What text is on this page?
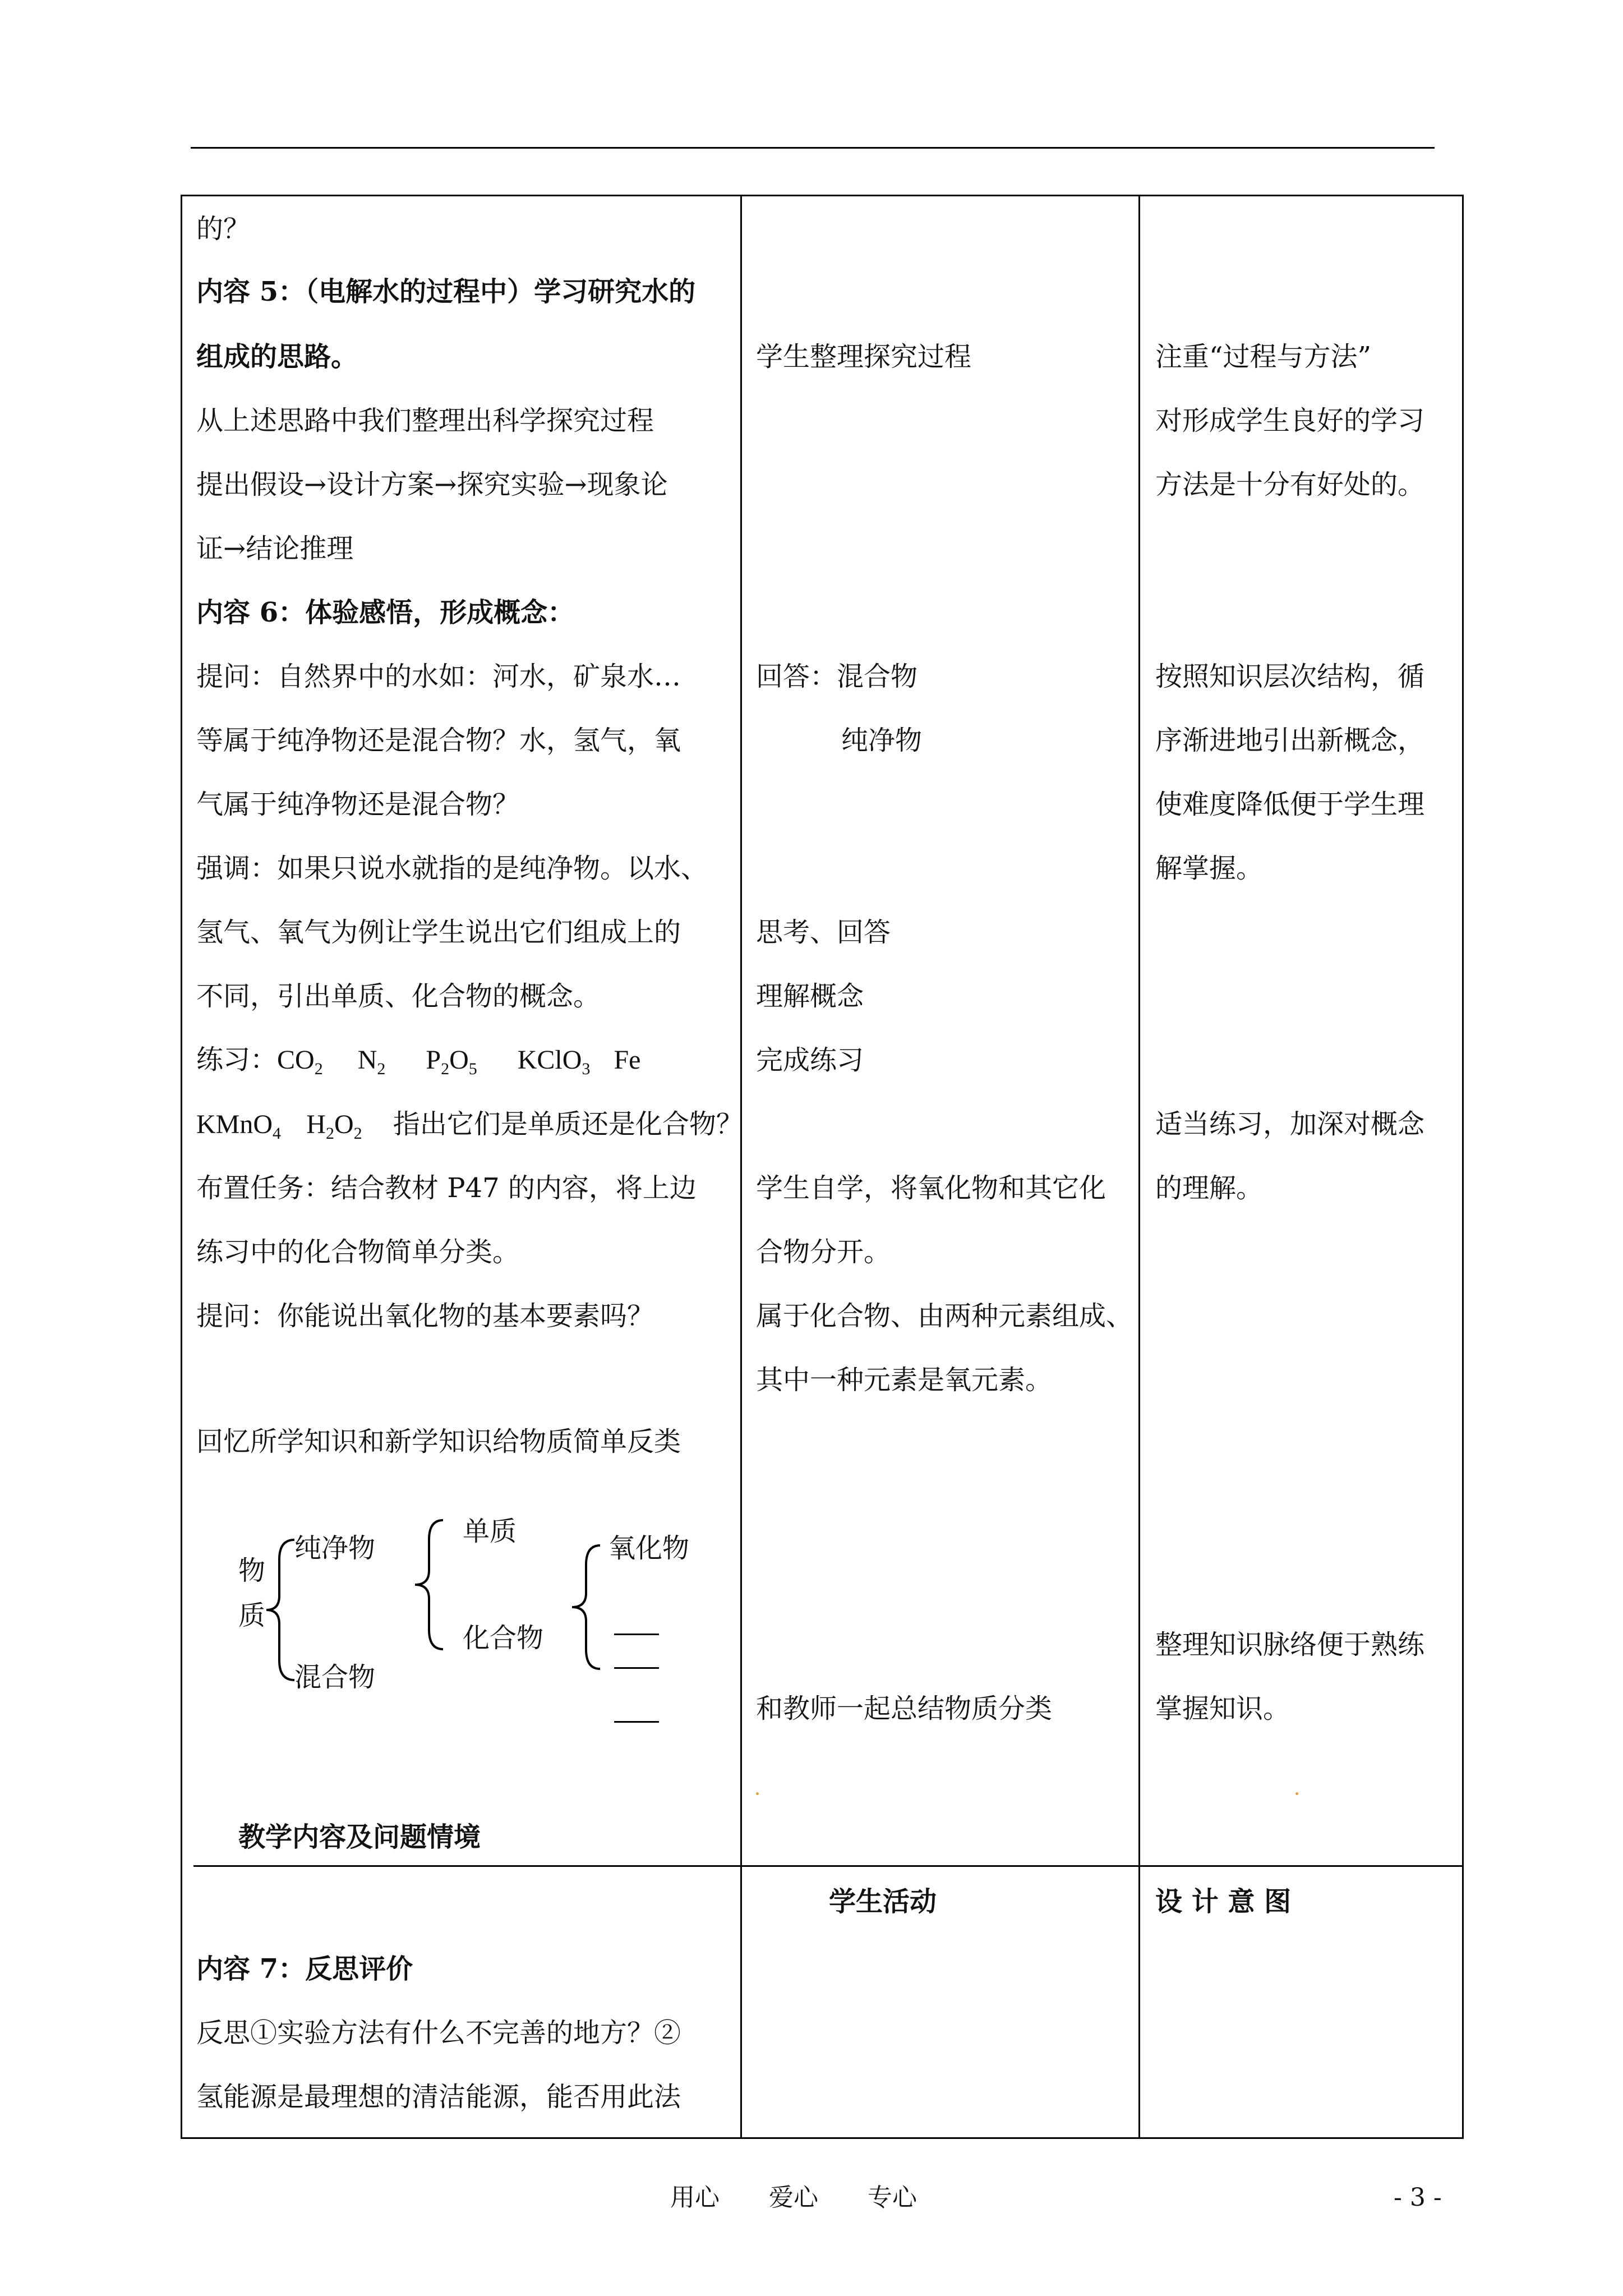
的？
内容 5：（电解水的过程中）学习研究水的
组成的思路。
从上述思路中我们整理出科学探究过程
提出假设→设计方案→探究实验→现象论
证→结论推理
内容 6：体验感悟，形成概念：
提问：自然界中的水如：河水，矿泉水…
等属于纯净物还是混合物？水，氢气，氧
气属于纯净物还是混合物？
强调：如果只说水就指的是纯净物。以水、
氢气、氧气为例让学生说出它们组成上的
不同，引出单质、化合物的概念。
练习：$CO_2$ $N_2$ $P_2O_5$ KClO$_3$ Fe
KMnO$_4$ $H_2O_2$ 指出它们是单质还是化合物？
布置任务：结合教材 P47 的内容，将上边
练习中的化合物简单分类。
提问：你能说出氧化物的基本要素吗？
回忆所学知识和新学知识给物质简单反类
物
质
纯净物
混合物
单质
化合物
氧化物
教学内容及问题情境
内容 7：反思评价
反思①实验方法有什么不完善的地方？②
氢能源是最理想的清洁能源，能否用此法
学生整理探究过程
回答：混合物
纯净物
思考、回答
理解概念
完成练习
学生自学，将氧化物和其它化
合物分开。
属于化合物、由两种元素组成、
其中一种元素是氧元素。
和教师一起总结物质分类
学生活动
注重“过程与方法”
对形成学生良好的学习
方法是十分有好处的。
按照知识层次结构，循
序渐进地引出新概念，
使难度降低便于学生理
解掌握。
适当练习，加深对概念
的理解。
整理知识脉络便于熟练
掌握知识。
设 计 意 图
用心　　爱心　　专心	- 3 -
